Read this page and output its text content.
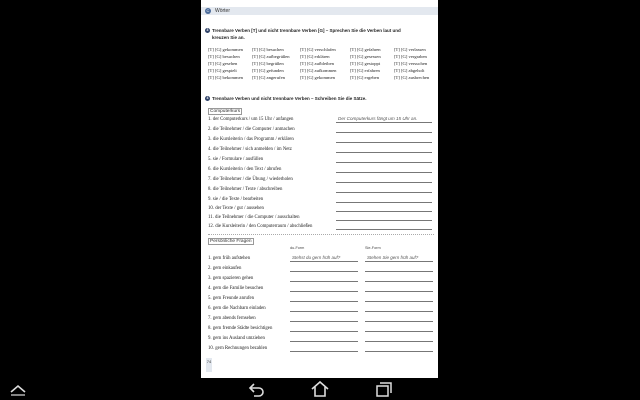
C	Wörter
3 Trennbare Verben [T] und nicht trennbare Verben [G] – Sprechen Sie die Verben laut und
kreuzen Sie an.
[T] [G] gekommen [T] [G] besuchen	[T] [G] verschlafen	[T] [G] gefahren	[T] [G] verlassen
[T] [G] besuchen	[T] [G] aufbegrüßen [T] [G] erklären	[T] [G] gesessen	[T] [G] vergraben
[T] [G] gesehen	[T] [G] begrüßen	[T] [G] aufbleiben	[T] [G] gestoppt	[T] [G] versuchen
[T] [G] gespielt	[T] [G] gefunden	[T] [G] aufkommen	[T] [G] erfahren	[T] [G] abgeholt
[T] [G] bekommen [T] [G] angerufen	[T] [G] gekommen	[T] [G] ergeben	[T] [G] ausbrechen
4 Trennbare Verben und nicht trennbare Verben – Schreiben Sie die Sätze.
Computerkurs
1. der Computerkurs / um 15 Uhr / anfangen	Der Computerkurs fängt um 15 Uhr an.
2. die Teilnehmer / die Computer / anmachen
3. die Kursleiterin / das Programm / erklären
4. die Teilnehmer / sich anmelden / im Netz
5. sie / Formulare / ausfüllen
6. die Kursleiterin / den Text / abrufen
7. die Teilnehmer / die Übung / wiederholen
8. die Teilnehmer / Texte / abschreiben
9. sie / die Texte / bearbeiten
10. der Texte / gut / aussehen
11. die Teilnehmer / die Computer / ausschalten
12. die Kursleiterin / den Computerraum / abschließen
Persönliche Fragen
du-Form	Sie-Form
1. gern früh aufstehen	Stehst du gern früh auf?	Stehen Sie gern früh auf?
2. gern einkaufen
3. gern spazieren gehen
4. gern die Familie besuchen
5. gern Freunde anrufen
6. gern die Nachbarn einladen
7. gern abends fernsehen
8. gern fremde Städte besichtigen
9. gern ins Ausland umziehen
10. gern Rechnungen bezahlen
74
